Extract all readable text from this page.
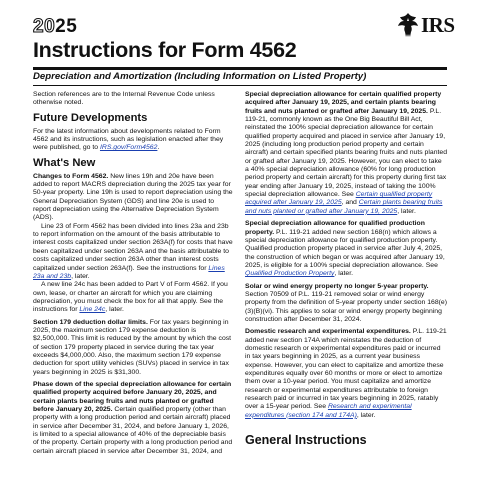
2025	IRS
Instructions for Form 4562
Depreciation and Amortization (Including Information on Listed Property)

Section references are to the Internal Revenue Code unless otherwise noted.

Future Developments

For the latest information about developments related to Form 4562 and its instructions, such as legislation enacted after they were published, go to IRS.gov/Form4562.

What's New

Changes to Form 4562. New lines 19h and 20e have been added to report MACRS depreciation during the 2025 tax year for 50-year property. Line 19h is used to report depreciation using the General Depreciation System (GDS) and line 20e is used to report depreciation using the Alternative Depreciation System (ADS).

Line 23 of Form 4562 has been divided into lines 23a and 23b to report information on the amount of the basis attributable to interest costs capitalized under section 263A(f) for costs that have been capitalized under section 263A and the basis attributable to costs capitalized under section 263A other than interest costs capitalized under section 263A(f). See the instructions for Lines 23a and 23b, later.

A new line 24c has been added to Part V of Form 4562. If you own, lease, or charter an aircraft for which you are claiming depreciation, you must check the box for all that apply. See the instructions for Line 24c, later.

Section 179 deduction dollar limits. For tax years beginning in 2025, the maximum section 179 expense deduction is $2,500,000. This limit is reduced by the amount by which the cost of section 179 property placed in service during the tax year exceeds $4,000,000. Also, the maximum section 179 expense deduction for sport utility vehicles (SUVs) placed in service in tax years beginning in 2025 is $31,300.

Phase down of the special depreciation allowance for certain qualified property acquired before January 20, 2025, and certain plants bearing fruits and nuts planted or grafted before January 20, 2025. Certain qualified property (other than property with a long production period and certain aircraft) placed in service after December 31, 2024, and before January 1, 2026, is limited to a special allowance of 40% of the depreciable basis of the property. Certain property with a long production period and certain aircraft placed in service after December 31, 2024, and

Special depreciation allowance for certain qualified property acquired after January 19, 2025, and certain plants bearing fruits and nuts planted or grafted after January 19, 2025. P.L. 119-21, commonly known as the One Big Beautiful Bill Act, reinstated the 100% special depreciation allowance for certain qualified property acquired and placed in service after January 19, 2025 (including long production period property and certain aircraft) and certain specified plants bearing fruits and nuts planted or grafted after January 19, 2025. However, you can elect to take a 40% special depreciation allowance (60% for long production period property and certain aircraft) for this property during first tax year ending after January 19, 2025, instead of taking the 100% special depreciation allowance. See Certain qualified property acquired after January 19, 2025, and Certain plants bearing fruits and nuts planted or grafted after January 19, 2025, later.

Special depreciation allowance for qualified production property. P.L. 119-21 added new section 168(n) which allows a special depreciation allowance for qualified production property. Qualified production property placed in service after July 4, 2025, the construction of which began or was acquired after January 19, 2025, is eligible for a 100% special depreciation allowance. See Qualified Production Property, later.

Solar or wind energy property no longer 5-year property. Section 70509 of P.L. 119-21 removed solar or wind energy property from the definition of 5-year property under section 168(e)(3)(B)(vi). This applies to solar or wind energy property beginning construction after December 31, 2024.

Domestic research and experimental expenditures. P.L. 119-21 added new section 174A which reinstates the deduction of domestic research or experimental expenditures paid or incurred in tax years beginning in 2025, as a current year business expense. However, you can elect to capitalize and amortize these expenditures equally over 60 months or more or elect to amortize them over a 10-year period. You must capitalize and amortize research or experimental expenditures attributable to foreign research paid or incurred in tax years beginning in 2025, ratably over a 15-year period. See Research and experimental expenditures (section 174 and 174A), later.

General Instructions
